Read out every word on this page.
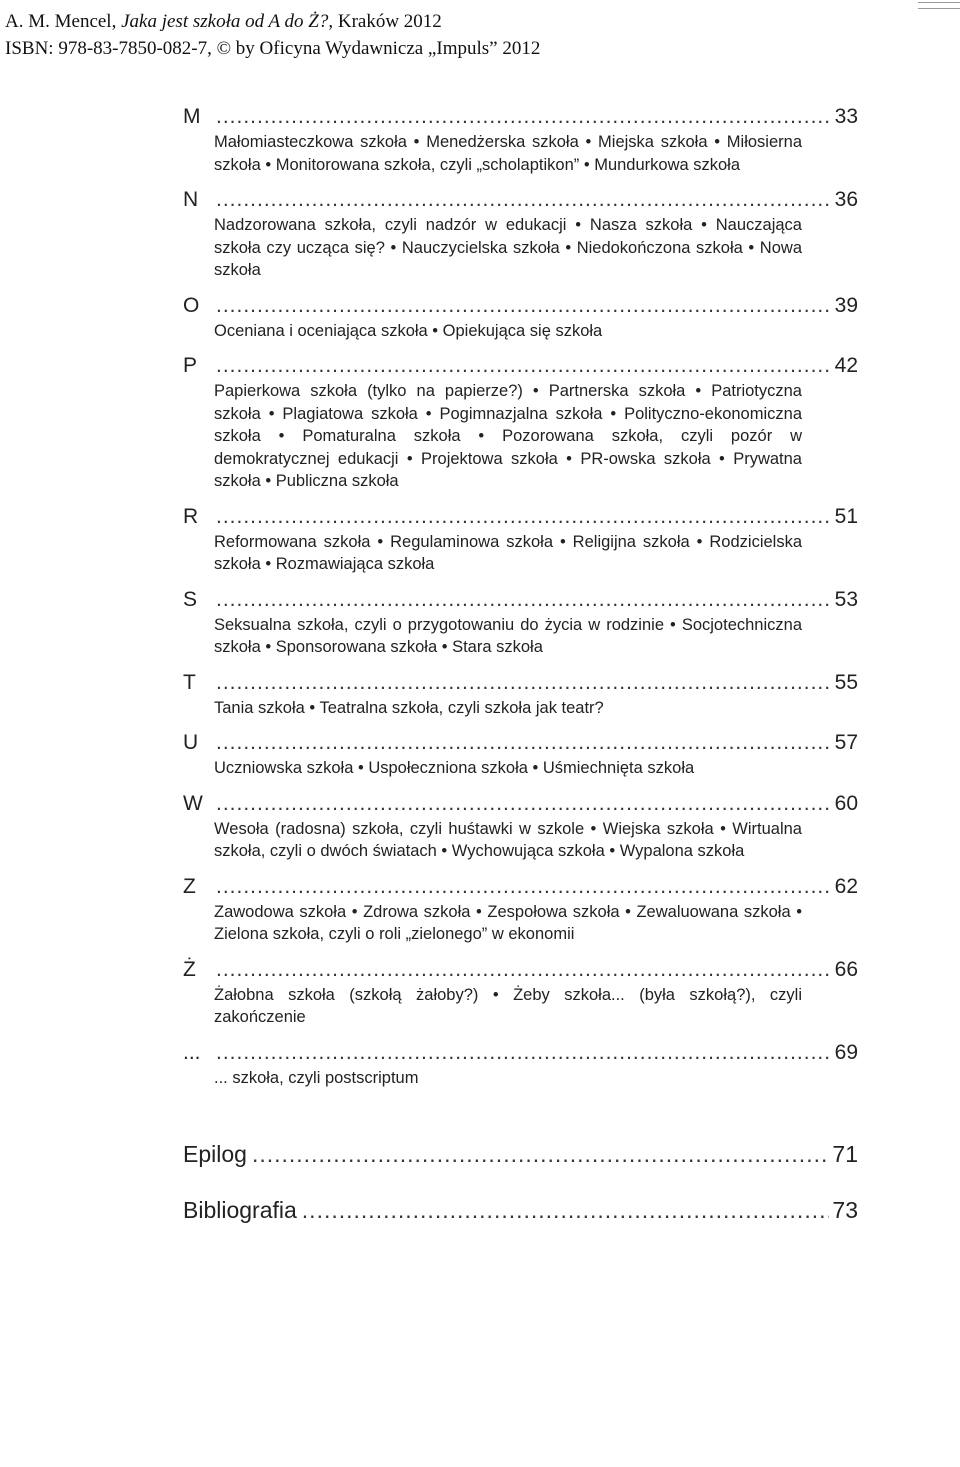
A. M. Mencel, Jaka jest szkoła od A do Ż?, Kraków 2012
ISBN: 978-83-7850-082-7, © by Oficyna Wydawnicza „Impuls” 2012
M .....	33
Małomiasteczkowa szkoła • Menedżerska szkoła • Miejska szkoła • Miłosierna szkoła • Monitorowana szkoła, czyli „scholaptikon” • Mundurkowa szkoła
N .....	36
Nadzorowana szkoła, czyli nadzór w edukacji • Nasza szkoła • Nauczająca szkoła czy ucząca się? • Nauczycielska szkoła • Niedokończona szkoła • Nowa szkoła
O .....	39
Oceniana i oceniająca szkoła • Opiekująca się szkoła
P .....	42
Papierkowa szkoła (tylko na papierze?) • Partnerska szkoła • Patriotyczna szkoła • Plagiatowa szkoła • Pogimnazjalna szkoła • Polityczno-ekonomiczna szkoła • Pomaturalna szkoła • Pozorowana szkoła, czyli pozór w demokratycznej edukacji • Projektowa szkoła • PR-owska szkoła • Prywatna szkoła • Publiczna szkoła
R .....	51
Reformowana szkoła • Regulaminowa szkoła • Religijna szkoła • Rodzicielska szkoła • Rozmawiająca szkoła
S .....	53
Seksualna szkoła, czyli o przygotowaniu do życia w rodzinie • Socjotechniczna szkoła • Sponsorowana szkoła • Stara szkoła
T .....	55
Tania szkoła • Teatralna szkoła, czyli szkoła jak teatr?
U .....	57
Uczniowska szkoła • Uspołeczniona szkoła • Uśmiechnięta szkoła
W .....	60
Wesoła (radosna) szkoła, czyli huśtawki w szkole • Wiejska szkoła • Wirtualna szkoła, czyli o dwóch światach • Wychowująca szkoła • Wypalona szkoła
Z .....	62
Zawodowa szkoła • Zdrowa szkoła • Zespołowa szkoła • Zewaluowana szkoła • Zielona szkoła, czyli o roli „zielonego” w ekonomii
Ż .....	66
Żałobna szkoła (szkołą żałoby?) • Żeby szkoła... (była szkołą?), czyli zakończenie
... .....	69
... szkoła, czyli postscriptum
Epilog .....	71
Bibliografia .....	73
